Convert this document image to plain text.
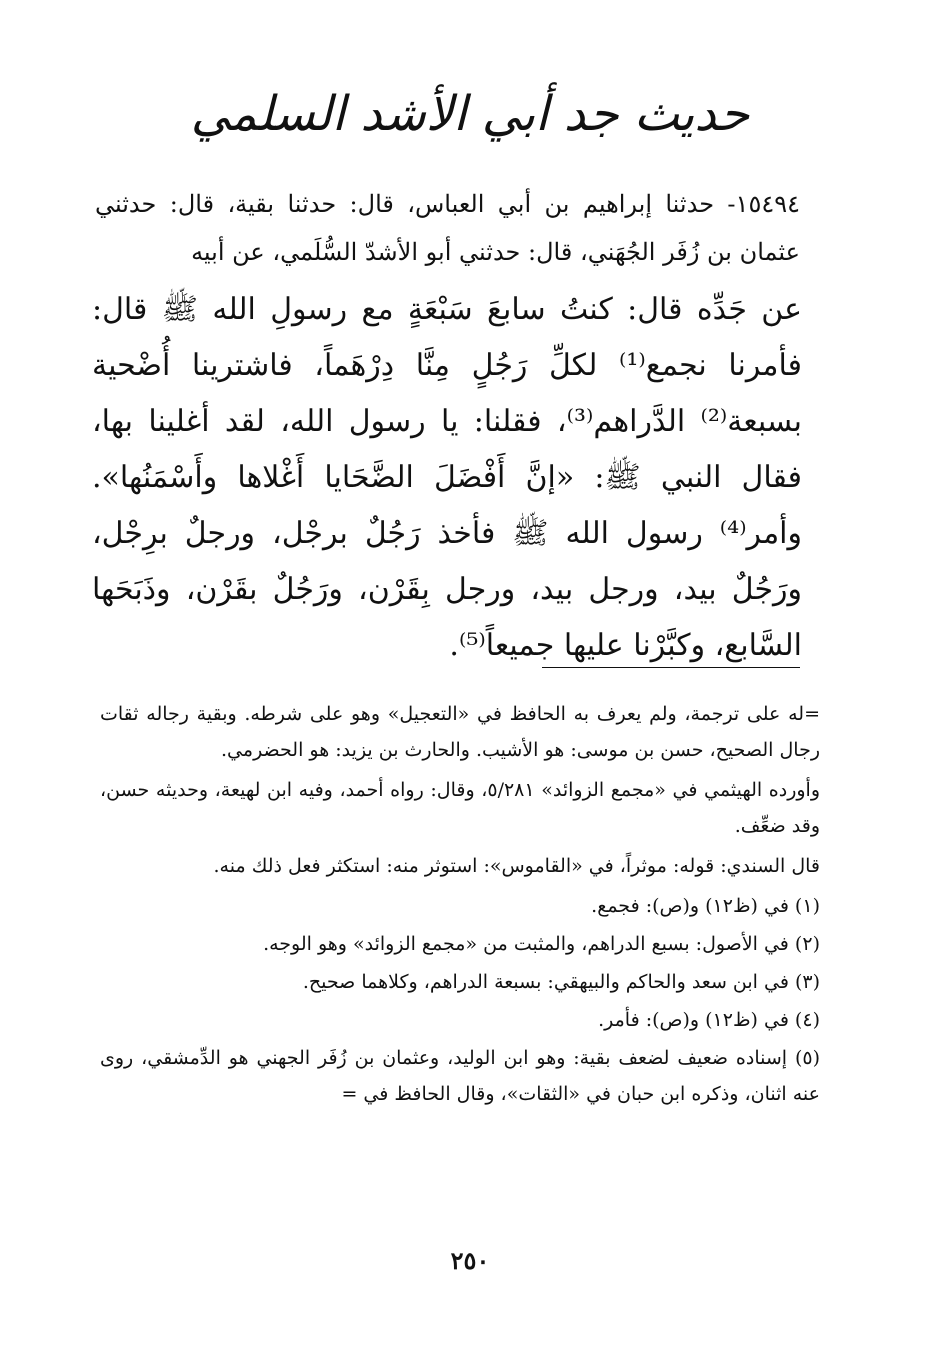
حديث جد أبي الأشد السلمي
١٥٤٩٤- حدثنا إبراهيم بن أبي العباس، قال: حدثنا بقية، قال: حدثني عثمان بن زُفَر الجُهَني، قال: حدثني أبو الأشدّ السُّلَمي، عن أبيه
عن جَدِّه قال: كنتُ سابعَ سَبْعَةٍ مع رسولِ الله ﷺ قال: فأمرنا نجمع⁽¹⁾ لكلِّ رَجُلٍ مِنَّا دِرْهَماً، فاشترينا أُضْحية بسبعة⁽²⁾ الدَّراهم⁽³⁾، فقلنا: يا رسول الله، لقد أغلينا بها، فقال النبي ﷺ: «إنَّ أَفْضَلَ الضَّحَايا أَغْلاها وأَسْمَنُها». وأمر⁽⁴⁾ رسول الله ﷺ فأخذ رَجُلٌ برجْل، ورجلٌ برِجْل، ورَجُلٌ بيد، ورجل بيد، ورجل بِقَرْن، ورَجُلٌ بقَرْن، وذَبَحَها السَّابع، وكبَّرْنا عليها جميعاً⁽⁵⁾.

=له على ترجمة، ولم يعرف به الحافظ في «التعجيل» وهو على شرطه. وبقية رجاله ثقات رجال الصحيح، حسن بن موسى: هو الأشيب. والحارث بن يزيد: هو الحضرمي.

وأورده الهيثمي في «مجمع الزوائد» ٥/٢٨١، وقال: رواه أحمد، وفيه ابن لهيعة، وحديثه حسن، وقد ضعِّف.

قال السندي: قوله: موثراً، في «القاموس»: استوثر منه: استكثر فعل ذلك منه.

(١) في (ظ١٢) و(ص): فجمع.

(٢) في الأصول: بسبع الدراهم، والمثبت من «مجمع الزوائد» وهو الوجه.

(٣) في ابن سعد والحاكم والبيهقي: بسبعة الدراهم، وكلاهما صحيح.

(٤) في (ظ١٢) و(ص): فأمر.

(٥) إسناده ضعيف لضعف بقية: وهو ابن الوليد، وعثمان بن زُفَر الجهني هو الدِّمشقي، روى عنه اثنان، وذكره ابن حبان في «الثقات»، وقال الحافظ في =

٢٥٠
